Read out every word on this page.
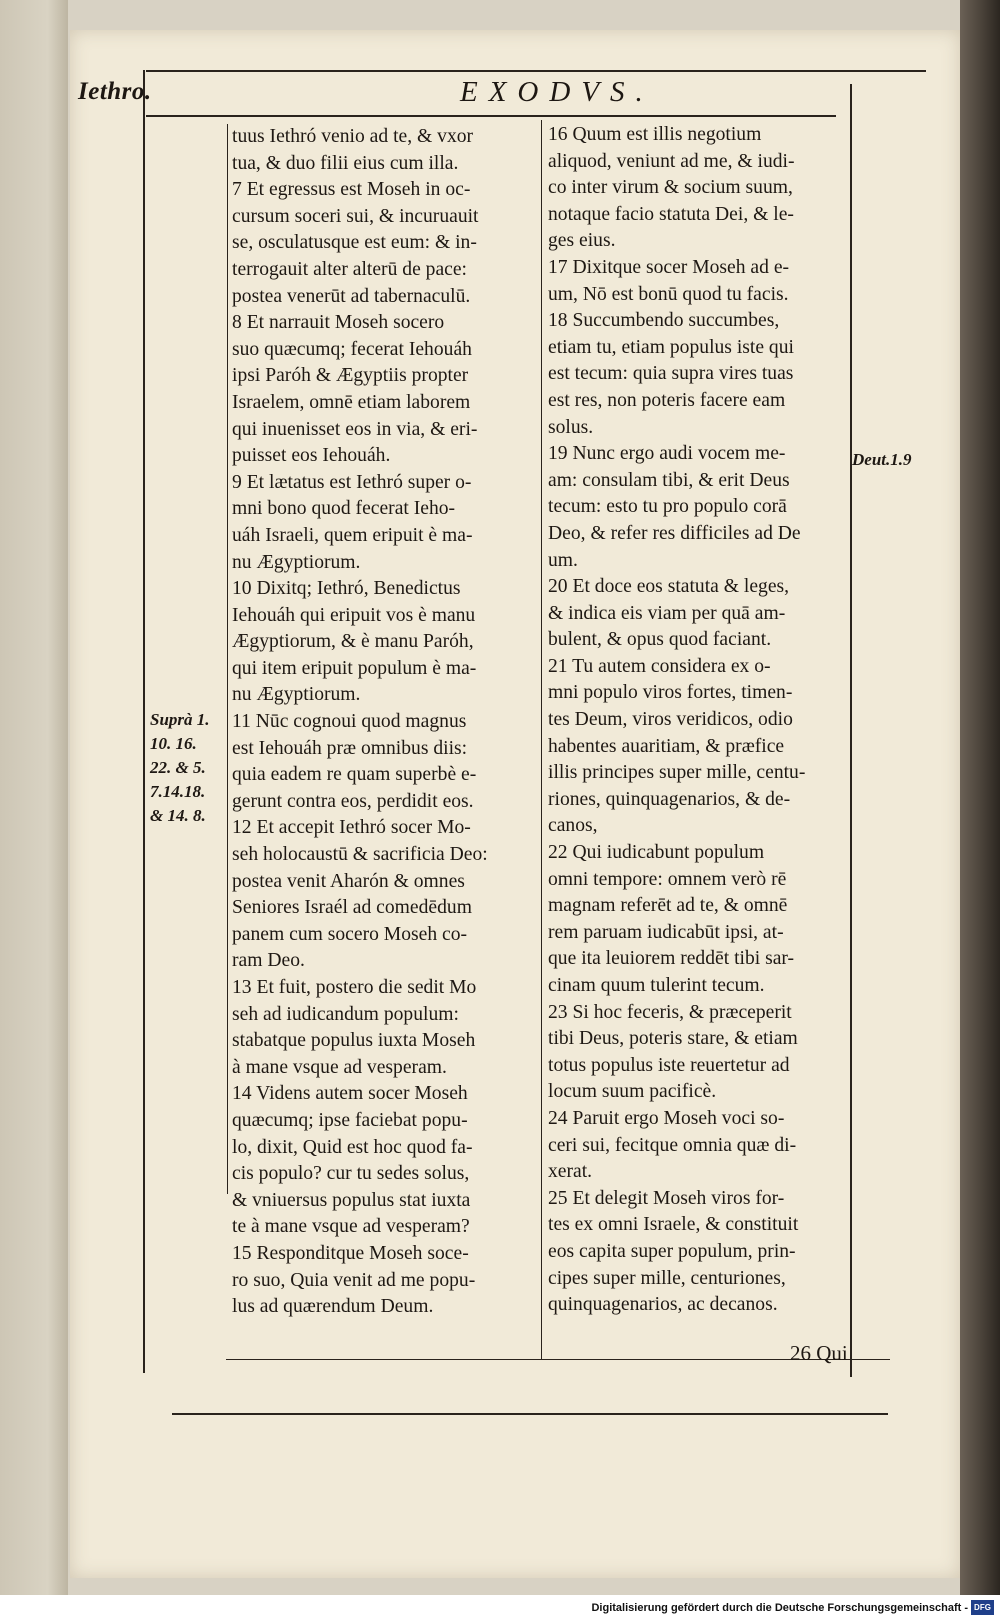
Iethro.	EXODVS.
tuus Iethró venio ad te, & vxor
tua, & duo filii eius cum illa.
7 Et egressus est Moseh in oc-
cursum soceri sui, & incuruauit
se, osculatusque est eum: & in-
terrogauit alter alterū de pace:
postea venerūt ad tabernaculū.
8 Et narrauit Moseh socero
suo quæcumq; fecerat Iehouáh
ipsi Paróh & Ægyptiis propter
Israelem, omnē etiam laborem
qui inuenisset eos in via, & eri-
puisset eos Iehouáh.
9 Et lætatus est Iethró super o-
mni bono quod fecerat Ieho-
uáh Israeli, quem eripuit è ma-
nu Ægyptiorum.
10 Dixitq; Iethró, Benedictus
Iehouáh qui eripuit vos è manu
Ægyptiorum, & è manu Paróh,
qui item eripuit populum è ma-
nu Ægyptiorum.
11 Nūc cognoui quod magnus
est Iehouáh præ omnibus diis:
quia eadem re quam superbè e-
gerunt contra eos, perdidit eos.
12 Et accepit Iethró socer Mo-
seh holocaustū & sacrificia Deo:
postea venit Aharón & omnes
Seniores Israél ad comedēdum
panem cum socero Moseh co-
ram Deo.
13 Et fuit, postero die sedit Mo
seh ad iudicandum populum:
stabatque populus iuxta Moseh
à mane vsque ad vesperam.
14 Videns autem socer Moseh
quæcumq; ipse faciebat popu-
lo, dixit, Quid est hoc quod fa-
cis populo? cur tu sedes solus,
& vniuersus populus stat iuxta
te à mane vsque ad vesperam?
15 Responditque Moseh soce-
ro suo, Quia venit ad me popu-
lus ad quærendum Deum.
16 Quum est illis negotium
aliquod, veniunt ad me, & iudi-
co inter virum & socium suum,
notaque facio statuta Dei, & le-
ges eius.
17 Dixitque socer Moseh ad e-
um, Nō est bonū quod tu facis.
18 Succumbendo succumbes,
etiam tu, etiam populus iste qui
est tecum: quia supra vires tuas
est res, non poteris facere eam
solus.
19 Nunc ergo audi vocem me-
am: consulam tibi, & erit Deus
tecum: esto tu pro populo corā
Deo, & refer res difficiles ad De
um.
20 Et doce eos statuta & leges,
& indica eis viam per quā am-
bulent, & opus quod faciant.
21 Tu autem considera ex o-
mni populo viros fortes, timen-
tes Deum, viros veridicos, odio
habentes auaritiam, & præfice
illis principes super mille, centu-
riones, quinquagenarios, & de-
canos,
22 Qui iudicabunt populum
omni tempore: omnem verò rē
magnam referēt ad te, & omnē
rem paruam iudicabūt ipsi, at-
que ita leuiorem reddēt tibi sar-
cinam quum tulerint tecum.
23 Si hoc feceris, & præceperit
tibi Deus, poteris stare, & etiam
totus populus iste reuertetur ad
locum suum pacificè.
24 Paruit ergo Moseh voci so-
ceri sui, fecitque omnia quæ di-
xerat.
25 Et delegit Moseh viros for-
tes ex omni Israele, & constituit
eos capita super populum, prin-
cipes super mille, centuriones,
quinquagenarios, ac decanos.
Suprà 1.
10. 16.
22. & 5.
7.14.18.
& 14. 8.
Deut.1.9
26 Qui
Digitalisierung gefördert durch die Deutsche Forschungsgemeinschaft - DFG
